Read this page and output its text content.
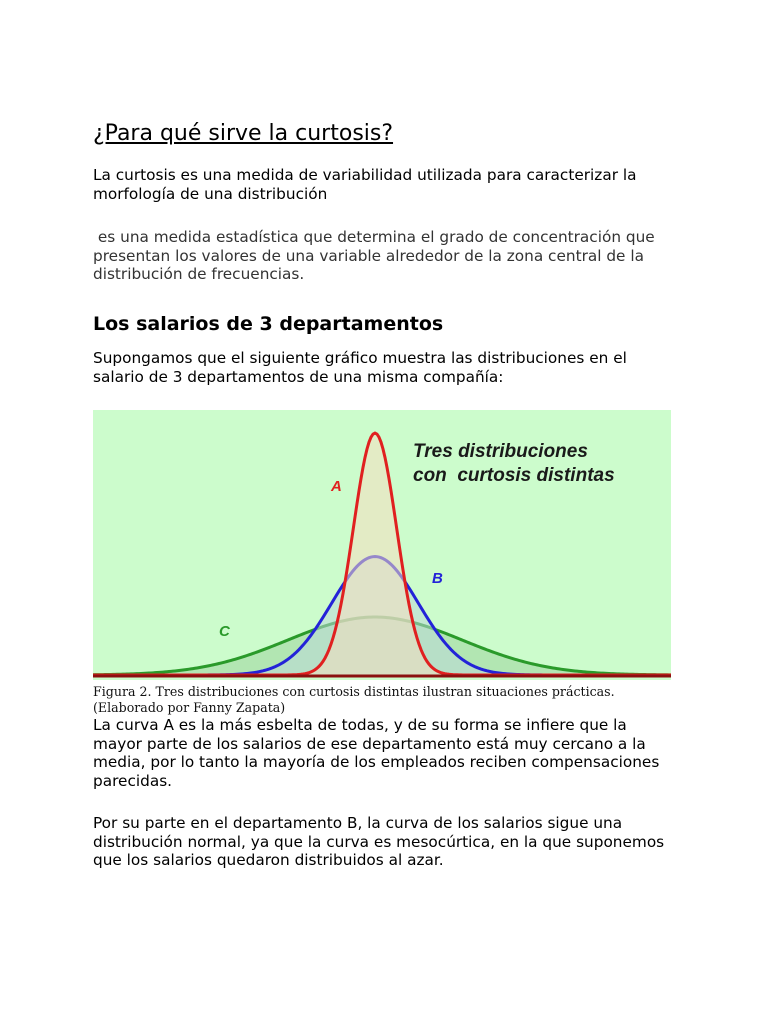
¿Para qué sirve la curtosis?

La curtosis es una medida de variabilidad utilizada para caracterizar la morfología de una distribución

es una medida estadística que determina el grado de concentración que presentan los valores de una variable alrededor de la zona central de la distribución de frecuencias.

Los salarios de 3 departamentos

Supongamos que el siguiente gráfico muestra las distribuciones en el salario de 3 departamentos de una misma compañía:

Tres distribuciones
con  curtosis distintas
A
B
C

Figura 2. Tres distribuciones con curtosis distintas ilustran situaciones prácticas. (Elaborado por Fanny Zapata)

La curva A es la más esbelta de todas, y de su forma se infiere que la mayor parte de los salarios de ese departamento está muy cercano a la media, por lo tanto la mayoría de los empleados reciben compensaciones parecidas.

Por su parte en el departamento B, la curva de los salarios sigue una distribución normal, ya que la curva es mesocúrtica, en la que suponemos que los salarios quedaron distribuidos al azar.
